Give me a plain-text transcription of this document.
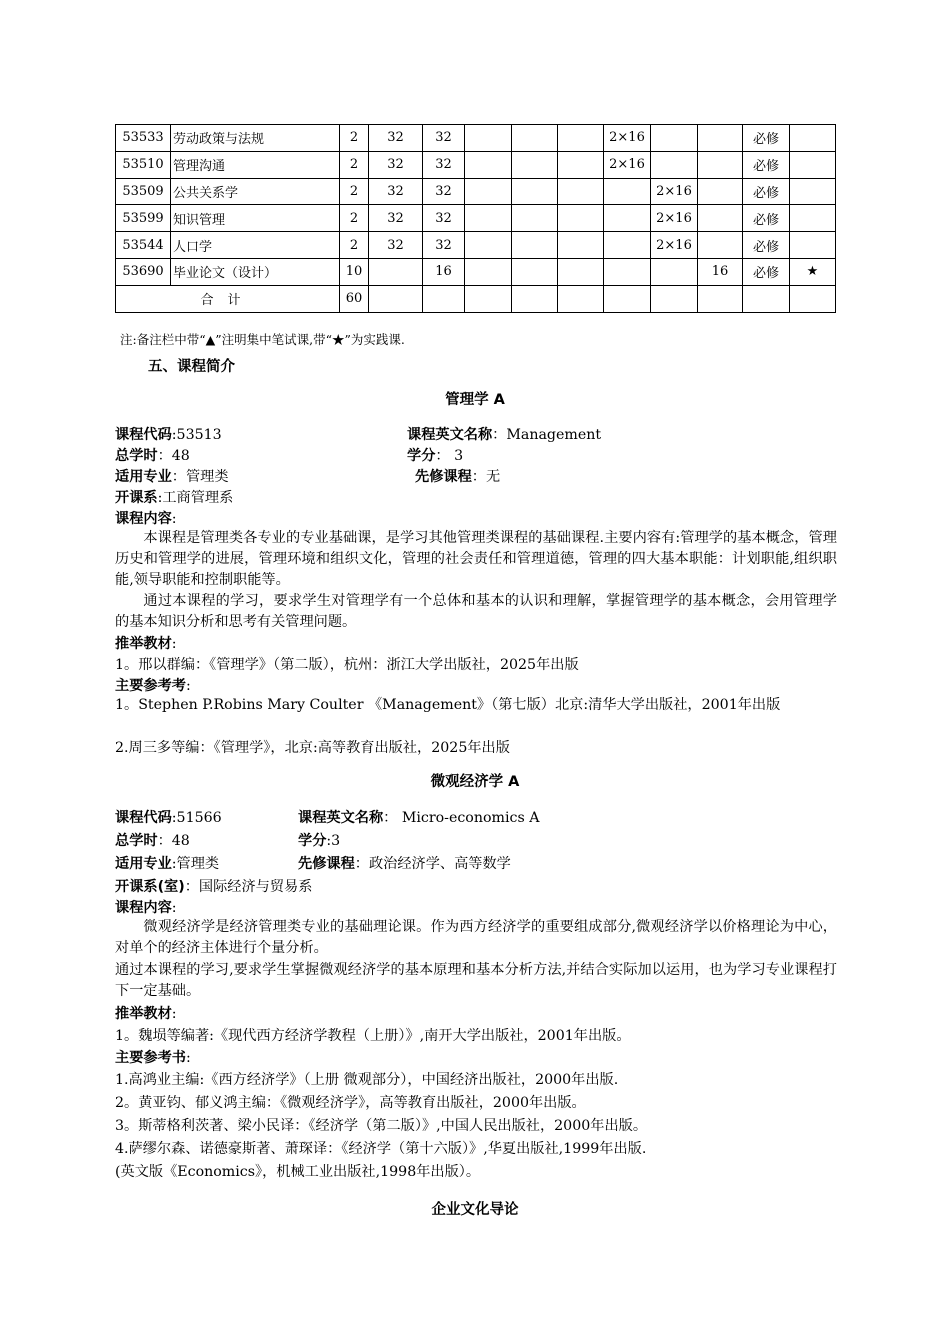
53533	劳动政策与法规	2	32	32				2×16			必修	
53510	管理沟通	2	32	32				2×16			必修	
53509	公共关系学	2	32	32					2×16		必修	
53599	知识管理	2	32	32					2×16		必修	
53544	人口学	2	32	32					2×16		必修	
53690	毕业论文（设计）	10		16						16	必修	★
合计		60										
注:备注栏中带“▲”注明集中笔试课,带“★”为实践课.
五、课程简介
管理学 A
课程代码:53513	课程英文名称：Management
总学时：48	学分： 3
适用专业：管理类	先修课程：无
开课系:工商管理系
课程内容:
本课程是管理类各专业的专业基础课，是学习其他管理类课程的基础课程.主要内容有:管理学的基本概念，管理历史和管理学的进展，管理环境和组织文化，管理的社会责任和管理道德，管理的四大基本职能：计划职能,组织职能,领导职能和控制职能等。
通过本课程的学习，要求学生对管理学有一个总体和基本的认识和理解，掌握管理学的基本概念，会用管理学的基本知识分析和思考有关管理问题。
推举教材:
1。邢以群编：《管理学》（第二版），杭州：浙江大学出版社，2025年出版
主要参考考:
1。Stephen P.Robins Mary Coulter 《Management》（第七版）北京:清华大学出版社，2001年出版
2.周三多等编：《管理学》，北京:高等教育出版社，2025年出版
微观经济学 A
课程代码:51566	课程英文名称： Micro-economics A
总学时：48	学分:3
适用专业:管理类	先修课程：政治经济学、高等数学
开课系(室)：国际经济与贸易系
课程内容:
微观经济学是经济管理类专业的基础理论课。作为西方经济学的重要组成部分,微观经济学以价格理论为中心，对单个的经济主体进行个量分析。
通过本课程的学习,要求学生掌握微观经济学的基本原理和基本分析方法,并结合实际加以运用，也为学习专业课程打下一定基础。
推举教材:
1。魏埙等编著:《现代西方经济学教程（上册）》,南开大学出版社，2001年出版。
主要参考书:
1.高鸿业主编:《西方经济学》（上册 微观部分），中国经济出版社，2000年出版.
2。黄亚钧、郁义鸿主编：《微观经济学》，高等教育出版社，2000年出版。
3。斯蒂格利茨著、梁小民译：《经济学（第二版）》,中国人民出版社，2000年出版。
4.萨缪尔森、诺德豪斯著、萧琛译：《经济学（第十六版）》,华夏出版社,1999年出版.
(英文版《Economics》，机械工业出版社,1998年出版）。
企业文化导论
